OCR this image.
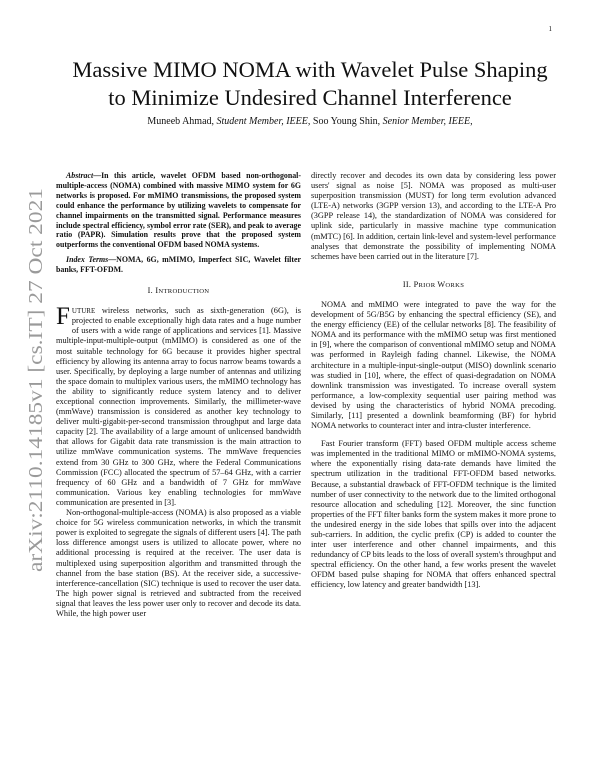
1
arXiv:2110.14185v1 [cs.IT] 27 Oct 2021
Massive MIMO NOMA with Wavelet Pulse Shaping
to Minimize Undesired Channel Interference
Muneeb Ahmad, Student Member, IEEE, Soo Young Shin, Senior Member, IEEE,

Abstract—In this article, wavelet OFDM based non-orthogonal-multiple-access (NOMA) combined with massive MIMO system for 6G networks is proposed. For mMIMO transmissions, the proposed system could enhance the performance by utilizing wavelets to compensate for channel impairments on the transmitted signal. Performance measures include spectral efficiency, symbol error rate (SER), and peak to average ratio (PAPR). Simulation results prove that the proposed system outperforms the conventional OFDM based NOMA systems.

Index Terms—NOMA, 6G, mMIMO, Imperfect SIC, Wavelet filter banks, FFT-OFDM.

I. INTRODUCTION

FUTURE wireless networks, such as sixth-generation (6G), is projected to enable exceptionally high data rates and a huge number of users with a wide range of applications and services [1]. Massive multiple-input-multiple-output (mMIMO) is considered as one of the most suitable technology for 6G because it provides higher spectral efficiency by allowing its antenna array to focus narrow beams towards a user. Specifically, by deploying a large number of antennas and utilizing the space domain to multiplex various users, the mMIMO technology has the ability to significantly reduce system latency and to deliver exceptional connection improvements. Similarly, the millimeter-wave (mmWave) transmission is considered as another key technology to deliver multi-gigabit-per-second transmission throughput and large data capacity [2]. The availability of a large amount of unlicensed bandwidth that allows for Gigabit data rate transmission is the main attraction to utilize mmWave communication systems. The mmWave frequencies extend from 30 GHz to 300 GHz, where the Federal Communications Commission (FCC) allocated the spectrum of 57–64 GHz, with a carrier frequency of 60 GHz and a bandwidth of 7 GHz for mmWave communication. Various key enabling technologies for mmWave communication are presented in [3].

Non-orthogonal-multiple-access (NOMA) is also proposed as a viable choice for 5G wireless communication networks, in which the transmit power is exploited to segregate the signals of different users [4]. The path loss difference amongst users is utilized to allocate power, where no additional processing is required at the receiver. The user data is multiplexed using superposition algorithm and transmitted through the channel from the base station (BS). At the receiver side, a successive-interference-cancellation (SIC) technique is used to recover the user data. The high power signal is retrieved and subtracted from the received signal that leaves the less power user only to recover and decode its data. While, the high power user

directly recover and decodes its own data by considering less power users' signal as noise [5]. NOMA was proposed as multi-user superposition transmission (MUST) for long term evolution advanced (LTE-A) networks (3GPP version 13), and according to the LTE-A Pro (3GPP release 14), the standardization of NOMA was considered for uplink side, particularly in massive machine type communication (mMTC) [6]. In addition, certain link-level and system-level performance analyses that demonstrate the possibility of implementing NOMA schemes have been carried out in the literature [7].

II. PRIOR WORKS

NOMA and mMIMO were integrated to pave the way for the development of 5G/B5G by enhancing the spectral efficiency (SE), and the energy efficiency (EE) of the cellular networks [8]. The feasibility of NOMA and its performance with the mMIMO setup was first mentioned in [9], where the comparison of conventional mMIMO setup and NOMA was performed in Rayleigh fading channel. Likewise, the NOMA architecture in a multiple-input-single-output (MISO) downlink scenario was studied in [10], where, the effect of quasi-degradation on NOMA downlink transmission was investigated. To increase overall system performance, a low-complexity sequential user pairing method was devised by using the characteristics of hybrid NOMA precoding. Similarly, [11] presented a downlink beamforming (BF) for hybrid NOMA networks to counteract inter and intra-cluster interference.

Fast Fourier transform (FFT) based OFDM multiple access scheme was implemented in the traditional MIMO or mMIMO-NOMA systems, where the exponentially rising data-rate demands have limited the spectrum utilization in the traditional FFT-OFDM based networks. Because, a substantial drawback of FFT-OFDM technique is the limited number of user connectivity to the network due to the limited orthogonal resource allocation and scheduling [12]. Moreover, the sinc function properties of the FFT filter banks form the system makes it more prone to the undesired energy in the side lobes that spills over into the adjacent sub-carriers. In addition, the cyclic prefix (CP) is added to counter the inter user interference and other channel impairments, and this redundancy of CP bits leads to the loss of overall system's throughput and spectral efficiency. On the other hand, a few works present the wavelet OFDM based pulse shaping for NOMA that offers enhanced spectral efficiency, low latency and greater bandwidth [13].
